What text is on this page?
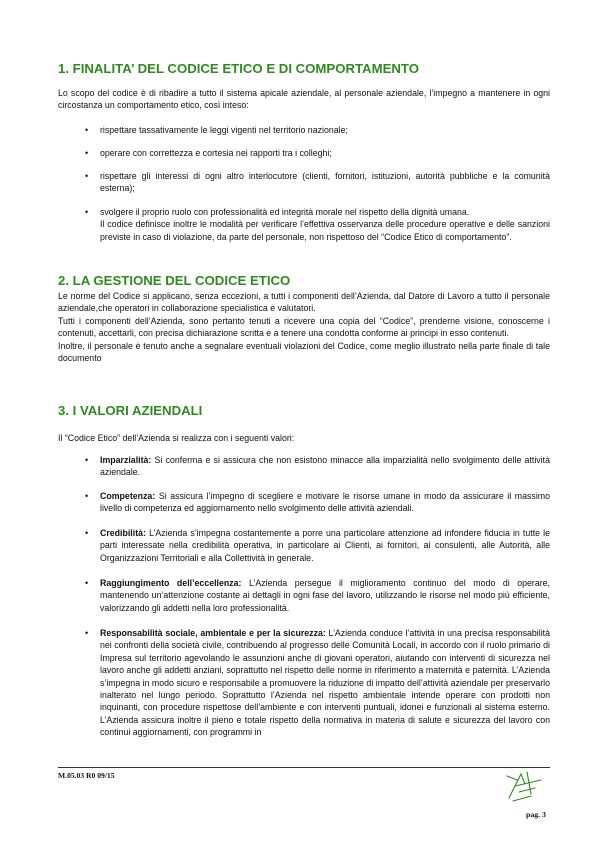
1. FINALITA’ DEL CODICE ETICO E DI COMPORTAMENTO

Lo scopo del codice è di ribadire a tutto il sistema apicale aziendale, al personale aziendale, l’impegno a mantenere in ogni circostanza un comportamento etico, così inteso:

• rispettare tassativamente le leggi vigenti nel territorio nazionale;
• operare con correttezza e cortesia nei rapporti tra i colleghi;
• rispettare gli interessi di ogni altro interlocutore (clienti, fornitori, istituzioni, autorità pubbliche e la comunità esterna);
• svolgere il proprio ruolo con professionalità ed integrità morale nel rispetto della dignità umana.
Il codice definisce inoltre le modalità per verificare l’effettiva osservanza delle procedure operative e delle sanzioni previste in caso di violazione, da parte del personale, non rispettoso del “Codice Etico di comportamento”.
2. LA GESTIONE DEL CODICE ETICO

Le norme del Codice si applicano, senza eccezioni, a tutti i componenti dell’Azienda, dal Datore di Lavoro a tutto il personale aziendale,che operatori in collaborazione specialistica e valutatori.

Tutti i componenti dell’Azienda, sono pertanto tenuti a ricevere una copia del “Codice”, prenderne visione, conoscerne i contenuti, accettarli, con precisa dichiarazione scritta e a tenere una condotta conforme ai principi in esso contenuti.

Inoltre, il personale è tenuto anche a segnalare eventuali violazioni del Codice, come meglio illustrato nella parte finale di tale documento

3. I VALORI AZIENDALI

Il “Codice Etico” dell’Azienda si realizza con i seguenti valori:

• Imparzialità: Si conferma e si assicura che non esistono minacce alla imparzialità nello svolgimento delle attività aziendale.
• Competenza: Si assicura l’impegno di scegliere e motivare le risorse umane in modo da assicurare il massimo livello di competenza ed aggiornamento nello svolgimento delle attività aziendali.
• Credibilità: L’Azienda s’impegna costantemente a porre una particolare attenzione ad infondere fiducia in tutte le parti interessate nella credibilità operativa, in particolare ai Clienti, ai fornitori, ai consulenti, alle Autorità, alle Organizzazioni Territoriali e alla Collettività in generale.
• Raggiungimento dell’eccellenza: L’Azienda persegue il miglioramento continuo del modo di operare, mantenendo un’attenzione costante ai dettagli in ogni fase del lavoro, utilizzando le risorse nel modo più efficiente, valorizzando gli addetti nella loro professionalità.
• Responsabilità sociale, ambientale e per la sicurezza: L’Azienda conduce l’attività in una precisa responsabilità nei confronti della società civile, contribuendo al progresso delle Comunità Locali, in accordo con il ruolo primario di Impresa sul territorio agevolando le assunzioni anche di giovani operatori, aiutando con interventi di sicurezza nel lavoro anche gli addetti anziani, soprattutto nel rispetto delle norme in riferimento a maternità e paternità. L’Azienda s’impegna in modo sicuro e responsabile a promuovere la riduzione di impatto dell’attività aziendale per preservarlo inalterato nel lungo periodo. Soprattutto l’Azienda nel rispetto ambientale intende operare con prodotti non inquinanti, con procedure rispettose dell’ambiente e con interventi puntuali, idonei e funzionali al sistema esterno. L’Azienda assicura inoltre il pieno e totale rispetto della normativa in materia di salute e sicurezza del lavoro con continui aggiornamenti, con programmi in
M.05.03 R0 09/15
pag. 3
